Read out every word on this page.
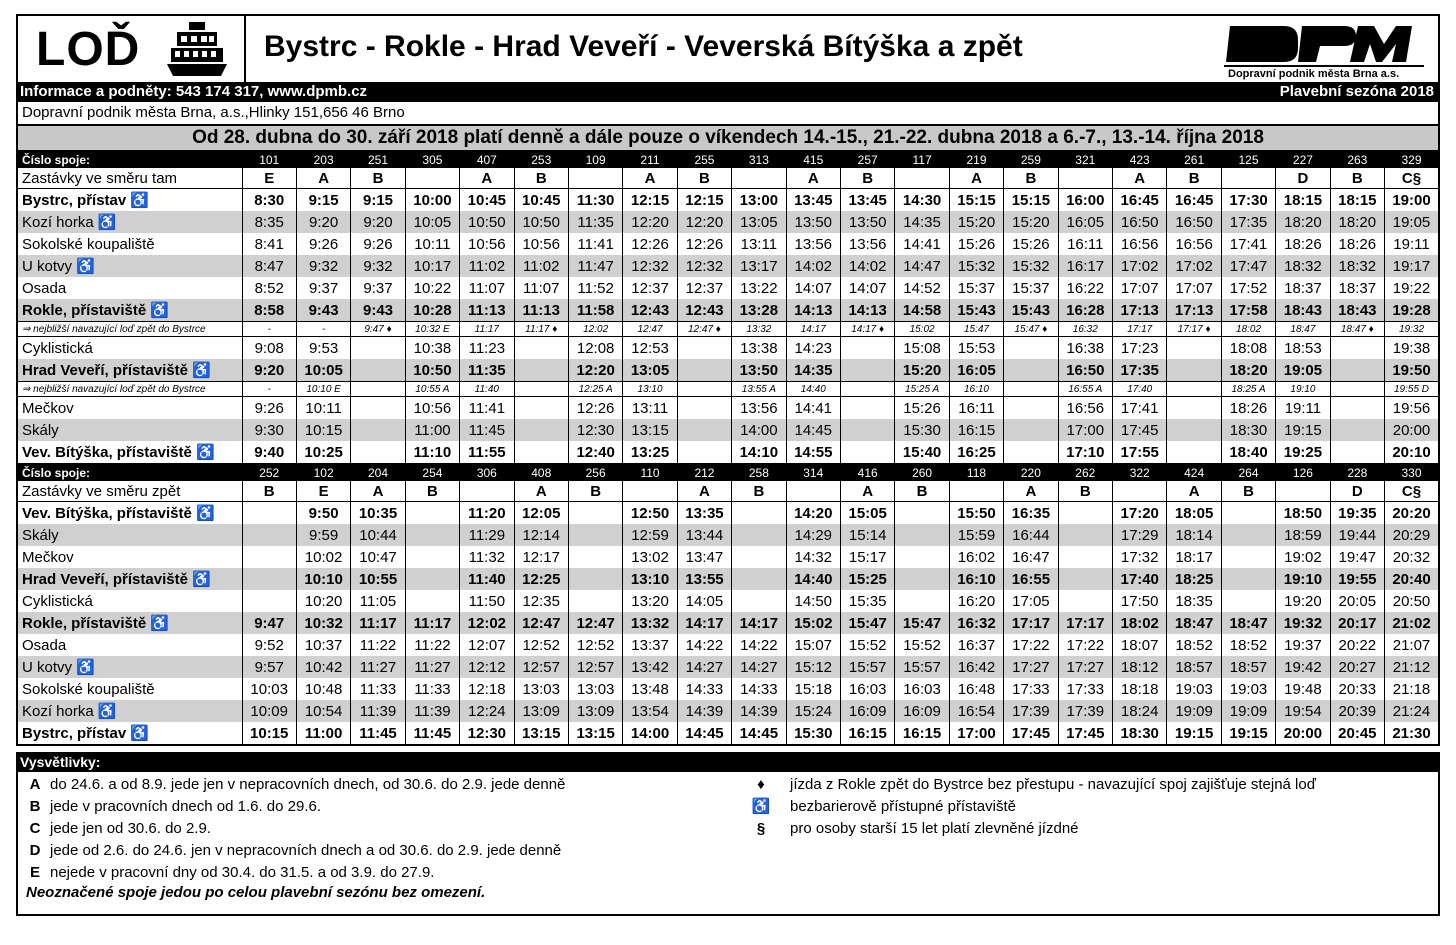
LOĎ	Bystrc - Rokle - Hrad Veveří - Veverská Bítýška a zpět
Dopravní podnik města Brna a.s.
Informace a podněty: 543 174 317, www.dpmb.cz	Plavební sezóna 2018
Dopravní podnik města Brna, a.s.,Hlinky 151,656 46 Brno
Od 28. dubna do 30. září 2018 platí denně a dále pouze o víkendech 14.-15., 21.-22. dubna 2018 a 6.-7., 13.-14. října 2018
Číslo spoje:	101	203	251	305	407	253	109	211	255	313	415	257	117	219	259	321	423	261	125	227	263	329
Zastávky ve směru tam	E	A	B		A	B		A	B		A	B		A	B		A	B		D	B	C§
Bystrc, přístav ♿	8:30	9:15	9:15	10:00	10:45	10:45	11:30	12:15	12:15	13:00	13:45	13:45	14:30	15:15	15:15	16:00	16:45	16:45	17:30	18:15	18:15	19:00
Kozí horka ♿	8:35	9:20	9:20	10:05	10:50	10:50	11:35	12:20	12:20	13:05	13:50	13:50	14:35	15:20	15:20	16:05	16:50	16:50	17:35	18:20	18:20	19:05
Sokolské koupaliště	8:41	9:26	9:26	10:11	10:56	10:56	11:41	12:26	12:26	13:11	13:56	13:56	14:41	15:26	15:26	16:11	16:56	16:56	17:41	18:26	18:26	19:11
U kotvy ♿	8:47	9:32	9:32	10:17	11:02	11:02	11:47	12:32	12:32	13:17	14:02	14:02	14:47	15:32	15:32	16:17	17:02	17:02	17:47	18:32	18:32	19:17
Osada	8:52	9:37	9:37	10:22	11:07	11:07	11:52	12:37	12:37	13:22	14:07	14:07	14:52	15:37	15:37	16:22	17:07	17:07	17:52	18:37	18:37	19:22
Rokle, přístaviště ♿	8:58	9:43	9:43	10:28	11:13	11:13	11:58	12:43	12:43	13:28	14:13	14:13	14:58	15:43	15:43	16:28	17:13	17:13	17:58	18:43	18:43	19:28
⇒ nejbližší navazující loď zpět do Bystrce	-	-	9:47 ♦	10:32 E	11:17	11:17 ♦	12:02	12:47	12:47 ♦	13:32	14:17	14:17 ♦	15:02	15:47	15:47 ♦	16:32	17:17	17:17 ♦	18:02	18:47	18:47 ♦	19:32
Cyklistická	9:08	9:53		10:38	11:23		12:08	12:53		13:38	14:23		15:08	15:53		16:38	17:23		18:08	18:53		19:38
Hrad Veveří, přístaviště ♿	9:20	10:05		10:50	11:35		12:20	13:05		13:50	14:35		15:20	16:05		16:50	17:35		18:20	19:05		19:50
⇒ nejbližší navazující loď zpět do Bystrce	-	10:10 E		10:55 A	11:40		12:25 A	13:10		13:55 A	14:40		15:25 A	16:10		16:55 A	17:40		18:25 A	19:10		19:55 D
Mečkov	9:26	10:11		10:56	11:41		12:26	13:11		13:56	14:41		15:26	16:11		16:56	17:41		18:26	19:11		19:56
Skály	9:30	10:15		11:00	11:45		12:30	13:15		14:00	14:45		15:30	16:15		17:00	17:45		18:30	19:15		20:00
Vev. Bítýška, přístaviště ♿	9:40	10:25		11:10	11:55		12:40	13:25		14:10	14:55		15:40	16:25		17:10	17:55		18:40	19:25		20:10
Číslo spoje:	252	102	204	254	306	408	256	110	212	258	314	416	260	118	220	262	322	424	264	126	228	330
Zastávky ve směru zpět	B	E	A	B		A	B		A	B		A	B		A	B		A	B		D	C§
Vev. Bítýška, přístaviště ♿		9:50	10:35		11:20	12:05		12:50	13:35		14:20	15:05		15:50	16:35		17:20	18:05		18:50	19:35	20:20
Skály		9:59	10:44		11:29	12:14		12:59	13:44		14:29	15:14		15:59	16:44		17:29	18:14		18:59	19:44	20:29
Mečkov		10:02	10:47		11:32	12:17		13:02	13:47		14:32	15:17		16:02	16:47		17:32	18:17		19:02	19:47	20:32
Hrad Veveří, přístaviště ♿		10:10	10:55		11:40	12:25		13:10	13:55		14:40	15:25		16:10	16:55		17:40	18:25		19:10	19:55	20:40
Cyklistická		10:20	11:05		11:50	12:35		13:20	14:05		14:50	15:35		16:20	17:05		17:50	18:35		19:20	20:05	20:50
Rokle, přístaviště ♿	9:47	10:32	11:17	11:17	12:02	12:47	12:47	13:32	14:17	14:17	15:02	15:47	15:47	16:32	17:17	17:17	18:02	18:47	18:47	19:32	20:17	21:02
Osada	9:52	10:37	11:22	11:22	12:07	12:52	12:52	13:37	14:22	14:22	15:07	15:52	15:52	16:37	17:22	17:22	18:07	18:52	18:52	19:37	20:22	21:07
U kotvy ♿	9:57	10:42	11:27	11:27	12:12	12:57	12:57	13:42	14:27	14:27	15:12	15:57	15:57	16:42	17:27	17:27	18:12	18:57	18:57	19:42	20:27	21:12
Sokolské koupaliště	10:03	10:48	11:33	11:33	12:18	13:03	13:03	13:48	14:33	14:33	15:18	16:03	16:03	16:48	17:33	17:33	18:18	19:03	19:03	19:48	20:33	21:18
Kozí horka ♿	10:09	10:54	11:39	11:39	12:24	13:09	13:09	13:54	14:39	14:39	15:24	16:09	16:09	16:54	17:39	17:39	18:24	19:09	19:09	19:54	20:39	21:24
Bystrc, přístav ♿	10:15	11:00	11:45	11:45	12:30	13:15	13:15	14:00	14:45	14:45	15:30	16:15	16:15	17:00	17:45	17:45	18:30	19:15	19:15	20:00	20:45	21:30
Vysvětlivky:
Neoznačené spoje jedou po celou plavební sezónu bez omezení.
A do 24.6. a od 8.9. jede jen v nepracovních dnech, od 30.6. do 2.9. jede denně
B jede v pracovních dnech od 1.6. do 29.6.
C jede jen od 30.6. do 2.9.
D jede od 2.6. do 24.6. jen v nepracovních dnech a od 30.6. do 2.9. jede denně
E nejede v pracovní dny od 30.4. do 31.5. a od 3.9. do 27.9.
♦ jízda z Rokle zpět do Bystrce bez přestupu - navazující spoj zajišťuje stejná loď
♿ bezbarierově přístupné přístaviště
§ pro osoby starší 15 let platí zlevněné jízdné
